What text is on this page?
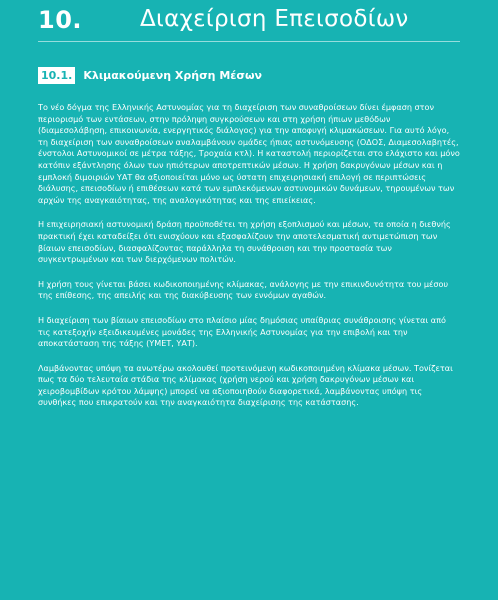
10.	Διαχείριση Επεισοδίων
10.1. Κλιμακούμενη Χρήση Μέσων

Το νέο δόγμα της Ελληνικής Αστυνομίας για τη διαχείριση των συναθροίσεων δίνει έμφαση στον περιορισμό των εντάσεων, στην πρόληψη συγκρούσεων και στη χρήση ήπιων μεθόδων (διαμεσολάβηση, επικοινωνία, ενεργητικός διάλογος) για την αποφυγή κλιμακώσεων. Για αυτό λόγο, τη διαχείριση των συναθροίσεων αναλαμβάνουν ομάδες ήπιας αστυνόμευσης (ΟΔΟΣ, Διαμεσολαβητές, ένστολοι Αστυνομικοί σε μέτρα τάξης, Τροχαία κτλ). Η καταστολή περιορίζεται στο ελάχιστο και μόνο κατόπιν εξάντλησης όλων των ηπιότερων αποτρεπτικών μέσων. Η χρήση δακρυγόνων μέσων και η εμπλοκή διμοιριών ΥΑΤ θα αξιοποιείται μόνο ως ύστατη επιχειρησιακή επιλογή σε περιπτώσεις διάλυσης, επεισοδίων ή επιθέσεων κατά των εμπλεκόμενων αστυνομικών δυνάμεων, τηρουμένων των αρχών της αναγκαιότητας, της αναλογικότητας και της επιείκειας.

Η επιχειρησιακή αστυνομική δράση προϋποθέτει τη χρήση εξοπλισμού και μέσων, τα οποία η διεθνής πρακτική έχει καταδείξει ότι ενισχύουν και εξασφαλίζουν την αποτελεσματική αντιμετώπιση των βίαιων επεισοδίων, διασφαλίζοντας παράλληλα τη συνάθροιση και την προστασία των συγκεντρωμένων και των διερχόμενων πολιτών.

Η χρήση τους γίνεται βάσει κωδικοποιημένης κλίμακας, ανάλογης με την επικινδυνότητα του μέσου της επίθεσης, της απειλής και της διακύβευσης των εννόμων αγαθών.

Η διαχείριση των βίαιων επεισοδίων στο πλαίσιο μίας δημόσιας υπαίθριας συνάθροισης γίνεται από τις κατεξοχήν εξειδικευμένες μονάδες της Ελληνικής Αστυνομίας για την επιβολή και την αποκατάσταση της τάξης (ΥΜΕΤ, ΥΑΤ).

Λαμβάνοντας υπόψη τα ανωτέρω ακολουθεί προτεινόμενη κωδικοποιημένη κλίμακα μέσων. Τονίζεται πως τα δύο τελευταία στάδια της κλίμακας (χρήση νερού και χρήση δακρυγόνων μέσων και χειροβομβίδων κρότου λάμψης) μπορεί να αξιοποιηθούν διαφορετικά, λαμβάνοντας υπόψη τις συνθήκες που επικρατούν και την αναγκαιότητα διαχείρισης της κατάστασης.
